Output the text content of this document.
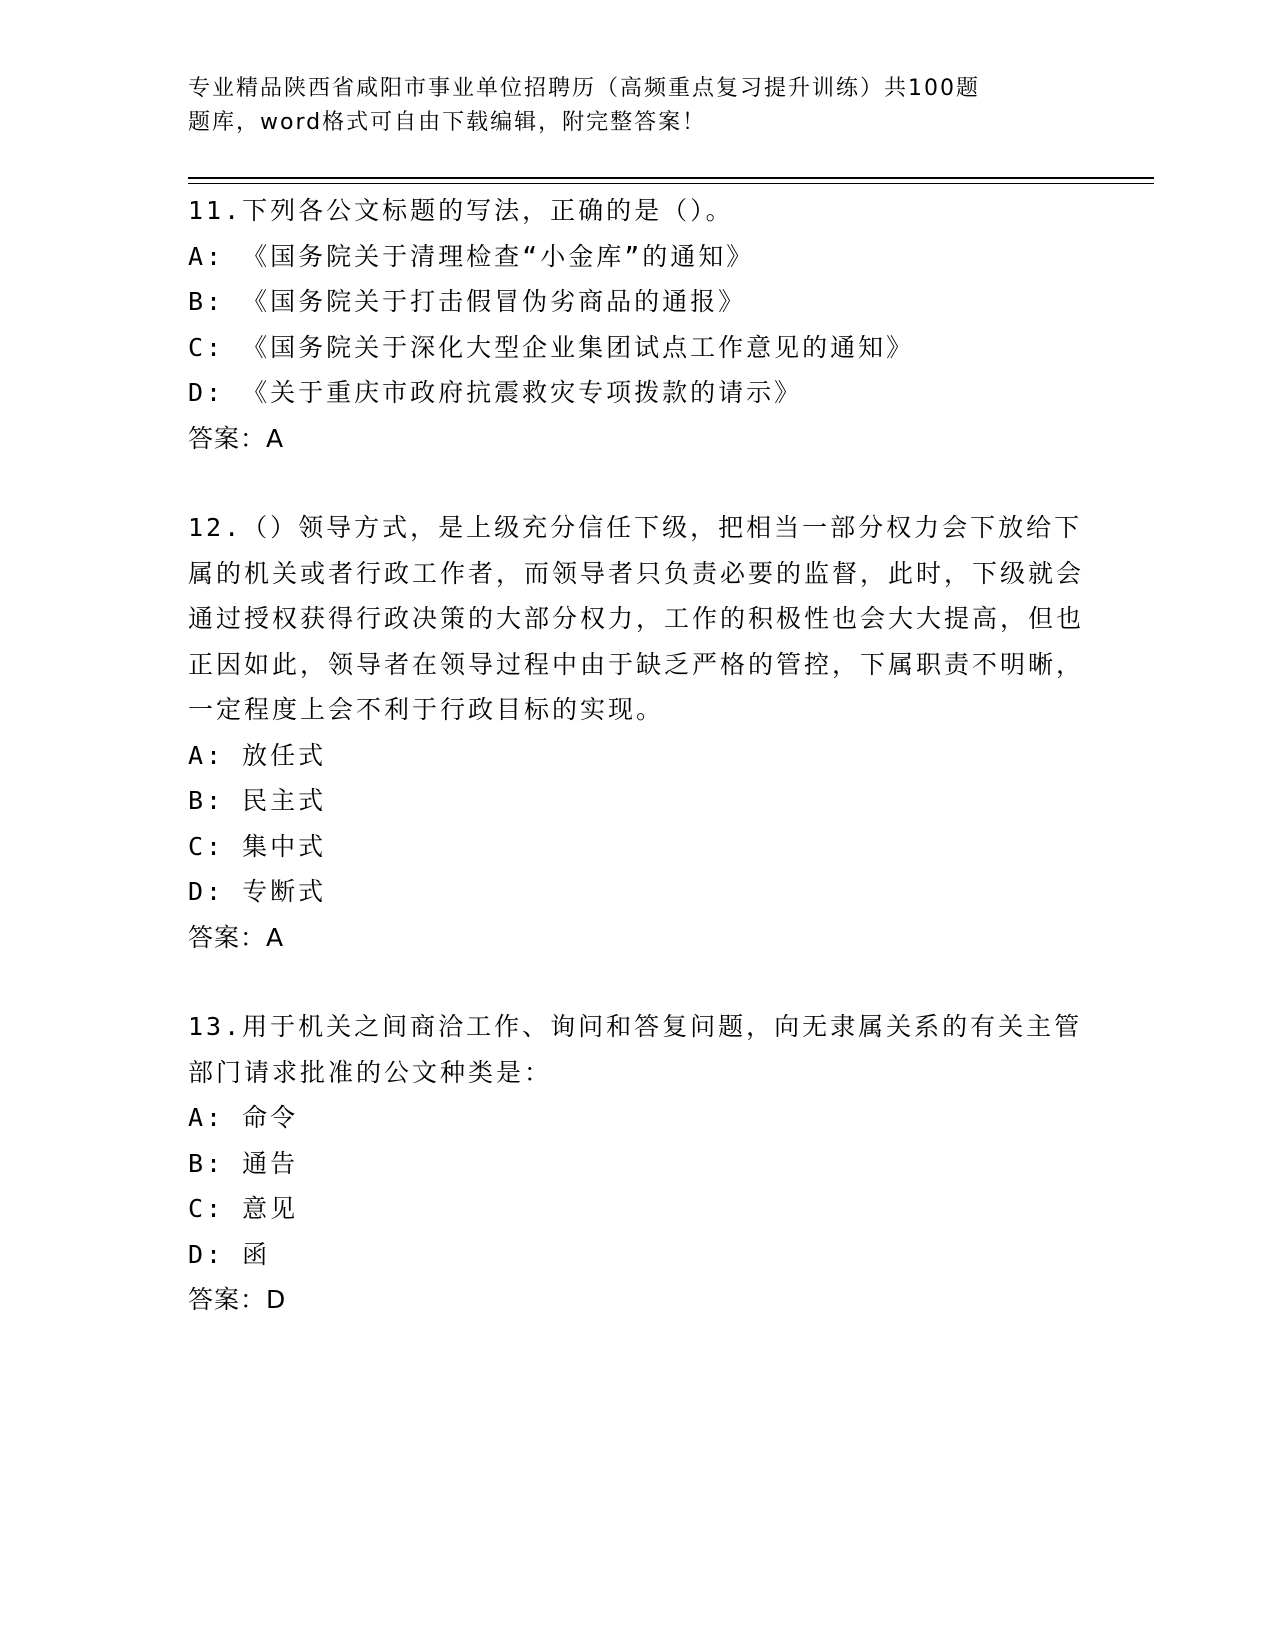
专业精品陕西省咸阳市事业单位招聘历（高频重点复习提升训练）共100题
题库，word格式可自由下载编辑，附完整答案！
11.下列各公文标题的写法，正确的是（）。
A: 《国务院关于清理检查“小金库”的通知》
B: 《国务院关于打击假冒伪劣商品的通报》
C: 《国务院关于深化大型企业集团试点工作意见的通知》
D: 《关于重庆市政府抗震救灾专项拨款的请示》
答案：A
12.（）领导方式，是上级充分信任下级，把相当一部分权力会下放给下属的机关或者行政工作者，而领导者只负责必要的监督，此时，下级就会通过授权获得行政决策的大部分权力，工作的积极性也会大大提高，但也正因如此，领导者在领导过程中由于缺乏严格的管控，下属职责不明晰，一定程度上会不利于行政目标的实现。
A: 放任式
B: 民主式
C: 集中式
D: 专断式
答案：A
13.用于机关之间商洽工作、询问和答复问题，向无隶属关系的有关主管部门请求批准的公文种类是：
A: 命令
B: 通告
C: 意见
D: 函
答案：D
